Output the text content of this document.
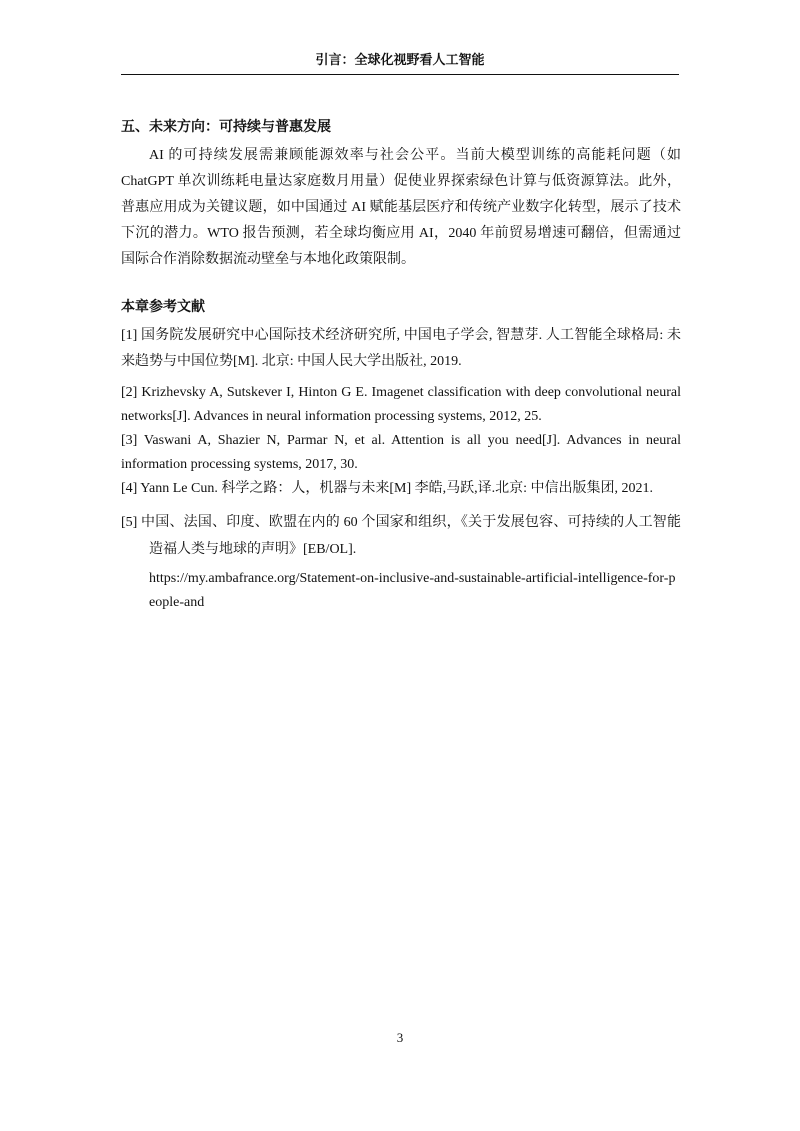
引言：全球化视野看人工智能
五、未来方向：可持续与普惠发展

AI 的可持续发展需兼顾能源效率与社会公平。当前大模型训练的高能耗问题（如 ChatGPT 单次训练耗电量达家庭数月用量）促使业界探索绿色计算与低资源算法。此外，普惠应用成为关键议题，如中国通过 AI 赋能基层医疗和传统产业数字化转型，展示了技术下沉的潜力。WTO 报告预测，若全球均衡应用 AI，2040 年前贸易增速可翻倍，但需通过国际合作消除数据流动壁垒与本地化政策限制。

本章参考文献

[1] 国务院发展研究中心国际技术经济研究所, 中国电子学会, 智慧芽. 人工智能全球格局: 未来趋势与中国位势[M]. 北京: 中国人民大学出版社, 2019.

[2] Krizhevsky A, Sutskever I, Hinton G E. Imagenet classification with deep convolutional neural networks[J]. Advances in neural information processing systems, 2012, 25.

[3] Vaswani A, Shazier N, Parmar N, et al. Attention is all you need[J]. Advances in neural information processing systems, 2017, 30.

[4] Yann Le Cun. 科学之路：人，机器与未来[M] 李皓,马跃,译.北京: 中信出版集团, 2021.

[5] 中国、法国、印度、欧盟在内的 60 个国家和组织，《关于发展包容、可持续的人工智能造福人类与地球的声明》[EB/OL].
https://my.ambafrance.org/Statement-on-inclusive-and-sustainable-artificial-intelligence-for-people-and
3
